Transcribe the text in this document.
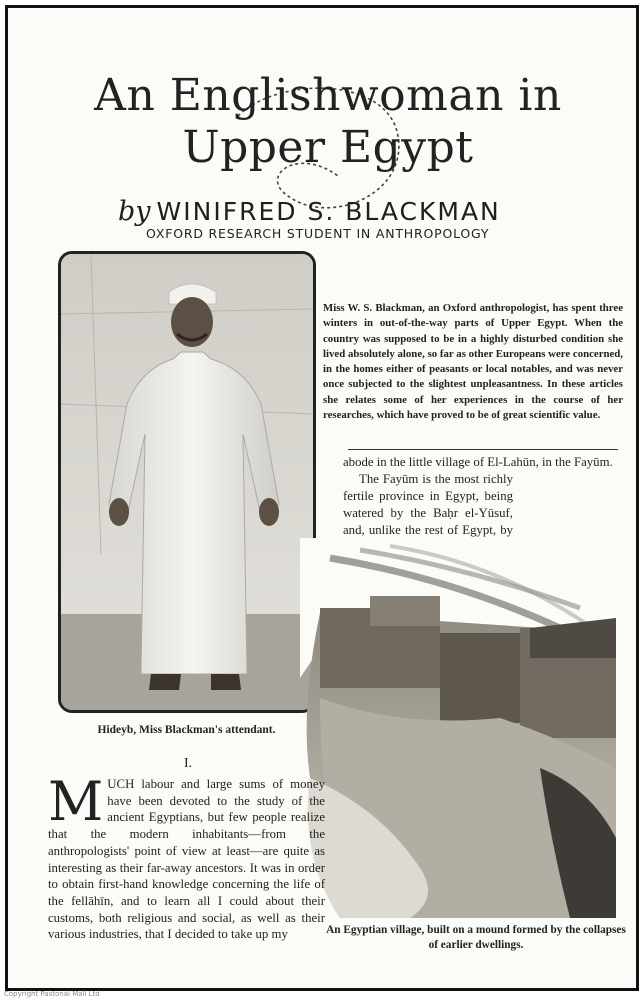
An Englishwoman in
Upper Egypt
by WINIFRED S. BLACKMAN
OXFORD RESEARCH STUDENT IN ANTHROPOLOGY
Hideyb, Miss Blackman's attendant.
Miss W. S. Blackman, an Oxford anthropologist, has spent three winters in out-of-the-way parts of Upper Egypt. When the country was supposed to be in a highly disturbed condition she lived absolutely alone, so far as other Europeans were concerned, in the homes either of peasants or local notables, and was never once subjected to the slightest unpleasantness. In these articles she relates some of her experiences in the course of her researches, which have proved to be of great scientific value.

abode in the little village of El-Lahūn, in the Fayūm.

The Fayūm is the most richly fertile province in Egypt, being watered by the Baḥr el-Yūsuf, and, unlike the rest of Egypt, by

An Egyptian village, built on a mound formed by the collapses of earlier dwellings.
I.
MUCH labour and large sums of money have been devoted to the study of the ancient Egyptians, but few people realize that the modern inhabitants—from the anthropologists' point of view at least—are quite as interesting as their far-away ancestors. It was in order to obtain first-hand knowledge concerning the life of the fellāhīn, and to learn all I could about their customs, both religious and social, as well as their various industries, that I decided to take up my
Copyright Pastonal Mall Ltd
